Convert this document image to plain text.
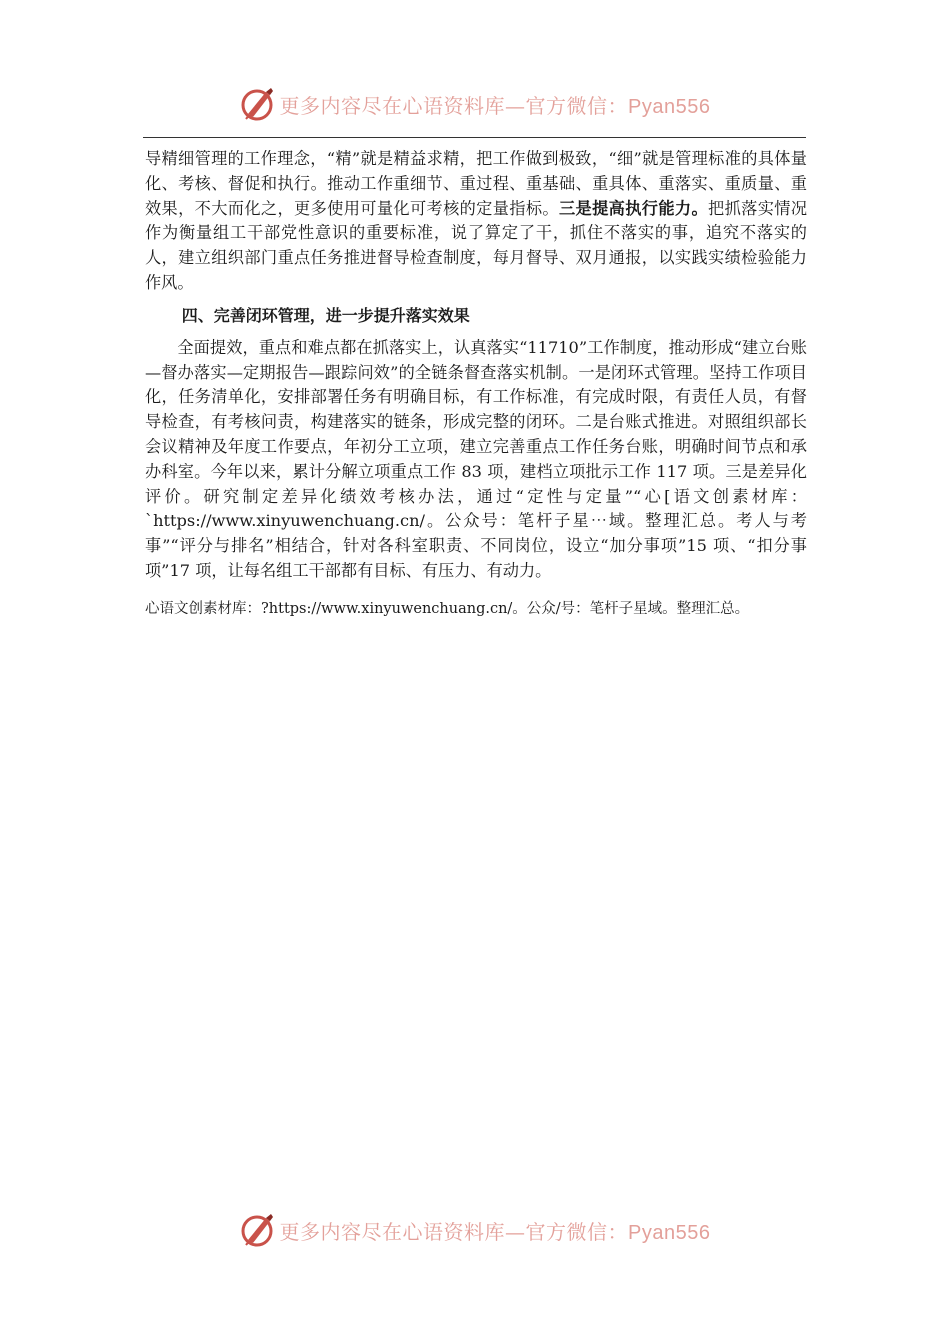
更多内容尽在心语资料库—官方微信：Pyan556

导精细管理的工作理念，“精”就是精益求精，把工作做到极致，“细”就是管理标准的具体量化、考核、督促和执行。推动工作重细节、重过程、重基础、重具体、重落实、重质量、重效果，不大而化之，更多使用可量化可考核的定量指标。三是提高执行能力。把抓落实情况作为衡量组工干部党性意识的重要标准，说了算定了干，抓住不落实的事，追究不落实的人，建立组织部门重点任务推进督导检查制度，每月督导、双月通报，以实践实绩检验能力作风。

四、完善闭环管理，进一步提升落实效果

全面提效，重点和难点都在抓落实上，认真落实“11710”工作制度，推动形成“建立台账—督办落实—定期报告—跟踪问效”的全链条督查落实机制。一是闭环式管理。坚持工作项目化，任务清单化，安排部署任务有明确目标，有工作标准，有完成时限，有责任人员，有督导检查，有考核问责，构建落实的链条，形成完整的闭环。二是台账式推进。对照组织部长会议精神及年度工作要点，年初分工立项，建立完善重点工作任务台账，明确时间节点和承办科室。今年以来，累计分解立项重点工作 83 项，建档立项批示工作 117 项。三是差异化评价。研究制定差异化绩效考核办法，通过“定性与定量”“心[语文创素材库：`https://www.xinyuwenchuang.cn/。公众号：笔杆子星⋯域。整理汇总。考人与考事”“评分与排名”相结合，针对各科室职责、不同岗位，设立“加分事项”15 项、“扣分事项”17 项，让每名组工干部都有目标、有压力、有动力。

心语文创素材库：?https://www.xinyuwenchuang.cn/。公众/号：笔杆子星域。整理汇总。

更多内容尽在心语资料库—官方微信：Pyan556
